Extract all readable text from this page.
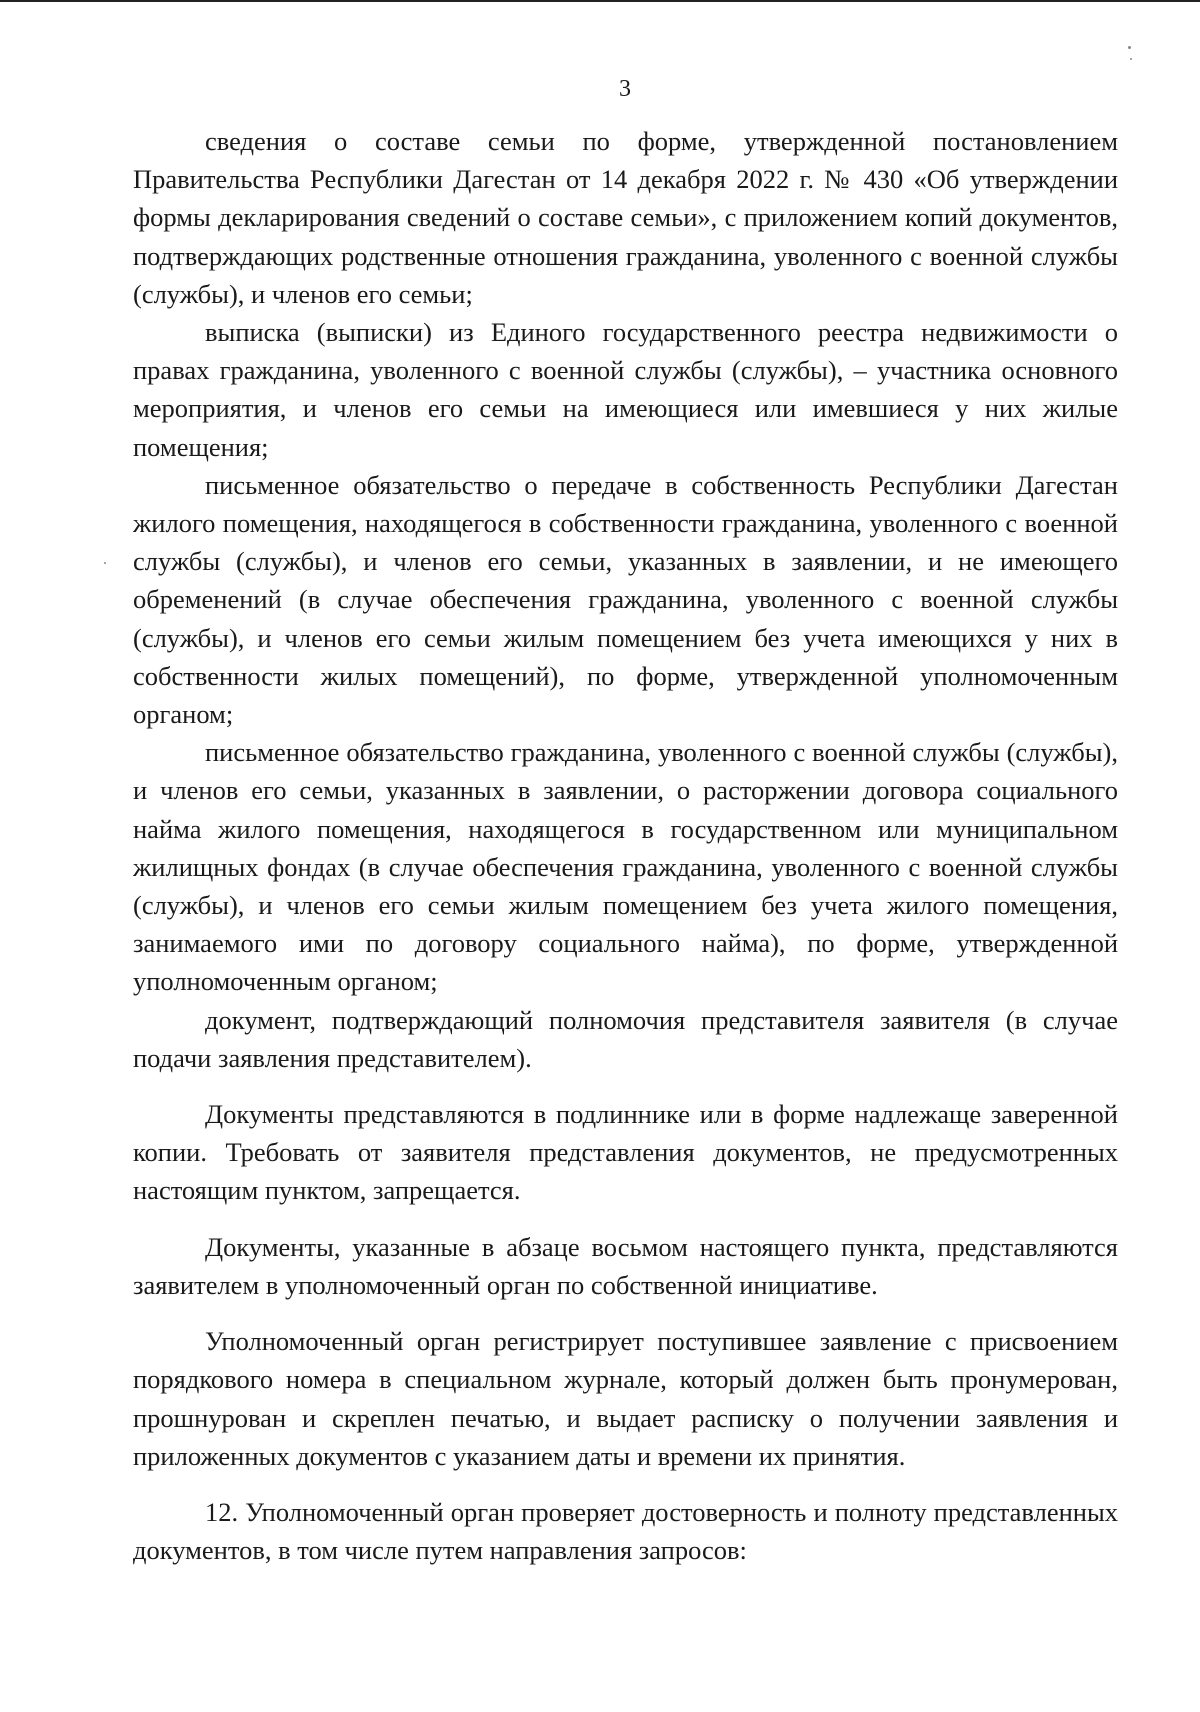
3

сведения о составе семьи по форме, утвержденной постановлением Правительства Республики Дагестан от 14 декабря 2022 г. № 430 «Об утверждении формы декларирования сведений о составе семьи», с приложением копий документов, подтверждающих родственные отношения гражданина, уволенного с военной службы (службы), и членов его семьи;

выписка (выписки) из Единого государственного реестра недвижимости о правах гражданина, уволенного с военной службы (службы), – участника основного мероприятия, и членов его семьи на имеющиеся или имевшиеся у них жилые помещения;

письменное обязательство о передаче в собственность Республики Дагестан жилого помещения, находящегося в собственности гражданина, уволенного с военной службы (службы), и членов его семьи, указанных в заявлении, и не имеющего обременений (в случае обеспечения гражданина, уволенного с военной службы (службы), и членов его семьи жилым помещением без учета имеющихся у них в собственности жилых помещений), по форме, утвержденной уполномоченным органом;

письменное обязательство гражданина, уволенного с военной службы (службы), и членов его семьи, указанных в заявлении, о расторжении договора социального найма жилого помещения, находящегося в государственном или муниципальном жилищных фондах (в случае обеспечения гражданина, уволенного с военной службы (службы), и членов его семьи жилым помещением без учета жилого помещения, занимаемого ими по договору социального найма), по форме, утвержденной уполномоченным органом;

документ, подтверждающий полномочия представителя заявителя (в случае подачи заявления представителем).

Документы представляются в подлиннике или в форме надлежаще заверенной копии. Требовать от заявителя представления документов, не предусмотренных настоящим пунктом, запрещается.

Документы, указанные в абзаце восьмом настоящего пункта, представляются заявителем в уполномоченный орган по собственной инициативе.

Уполномоченный орган регистрирует поступившее заявление с присвоением порядкового номера в специальном журнале, который должен быть пронумерован, прошнурован и скреплен печатью, и выдает расписку о получении заявления и приложенных документов с указанием даты и времени их принятия.

12. Уполномоченный орган проверяет достоверность и полноту представленных документов, в том числе путем направления запросов:
